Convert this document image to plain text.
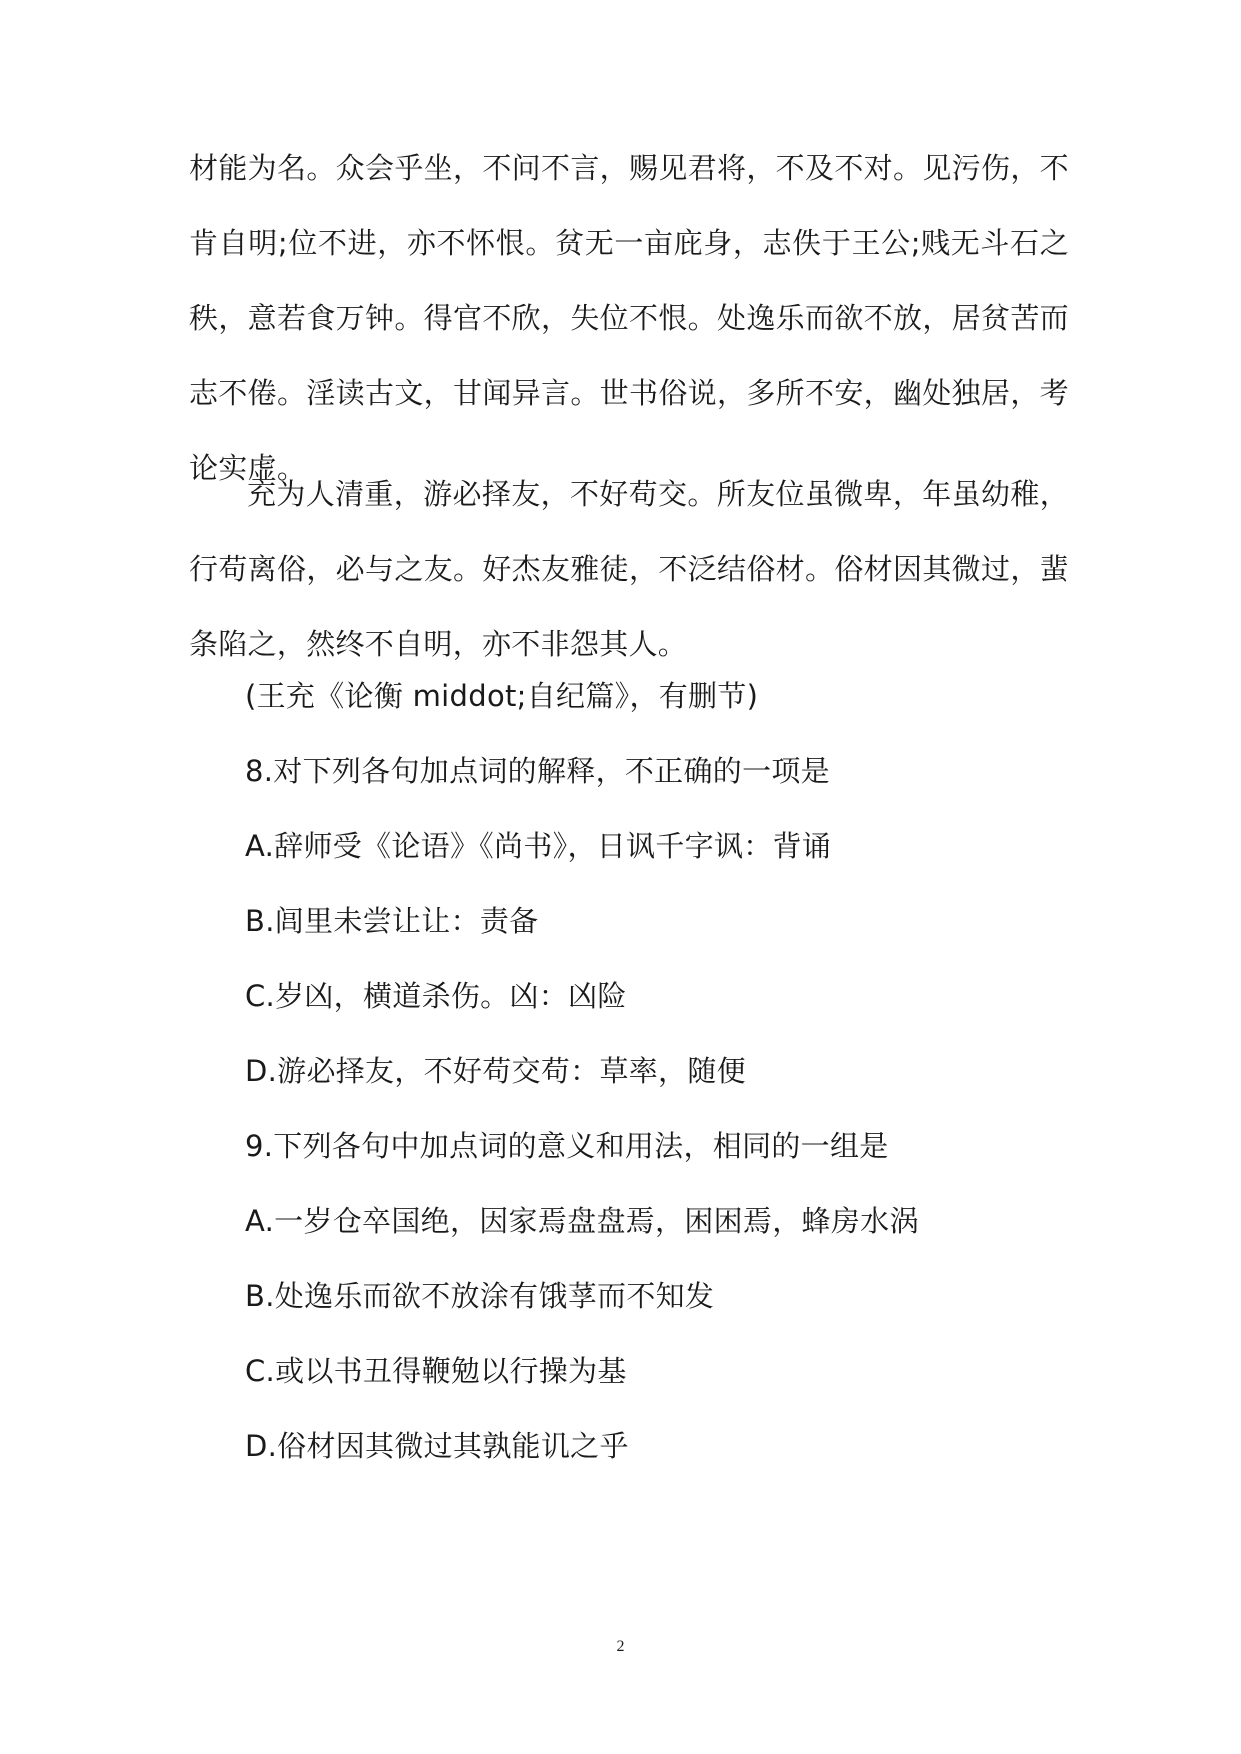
材能为名。众会乎坐，不问不言，赐见君将，不及不对。见污伤，不肯自明;位不进，亦不怀恨。贫无一亩庇身，志佚于王公;贱无斗石之秩，意若食万钟。得官不欣，失位不恨。处逸乐而欲不放，居贫苦而志不倦。淫读古文，甘闻异言。世书俗说，多所不安，幽处独居，考论实虚。

充为人清重，游必择友，不好苟交。所友位虽微卑，年虽幼稚，行苟离俗，必与之友。好杰友雅徒，不泛结俗材。俗材因其微过，蜚条陷之，然终不自明，亦不非怨其人。

(王充《论衡 middot;自纪篇》，有删节)

8.对下列各句加点词的解释，不正确的一项是

A.辞师受《论语》《尚书》，日讽千字讽：背诵

B.闾里未尝让让：责备

C.岁凶，横道杀伤。凶：凶险

D.游必择友，不好苟交苟：草率，随便

9.下列各句中加点词的意义和用法，相同的一组是

A.一岁仓卒国绝，因家焉盘盘焉，困困焉，蜂房水涡

B.处逸乐而欲不放涂有饿莩而不知发

C.或以书丑得鞭勉以行操为基

D.俗材因其微过其孰能讥之乎

2
